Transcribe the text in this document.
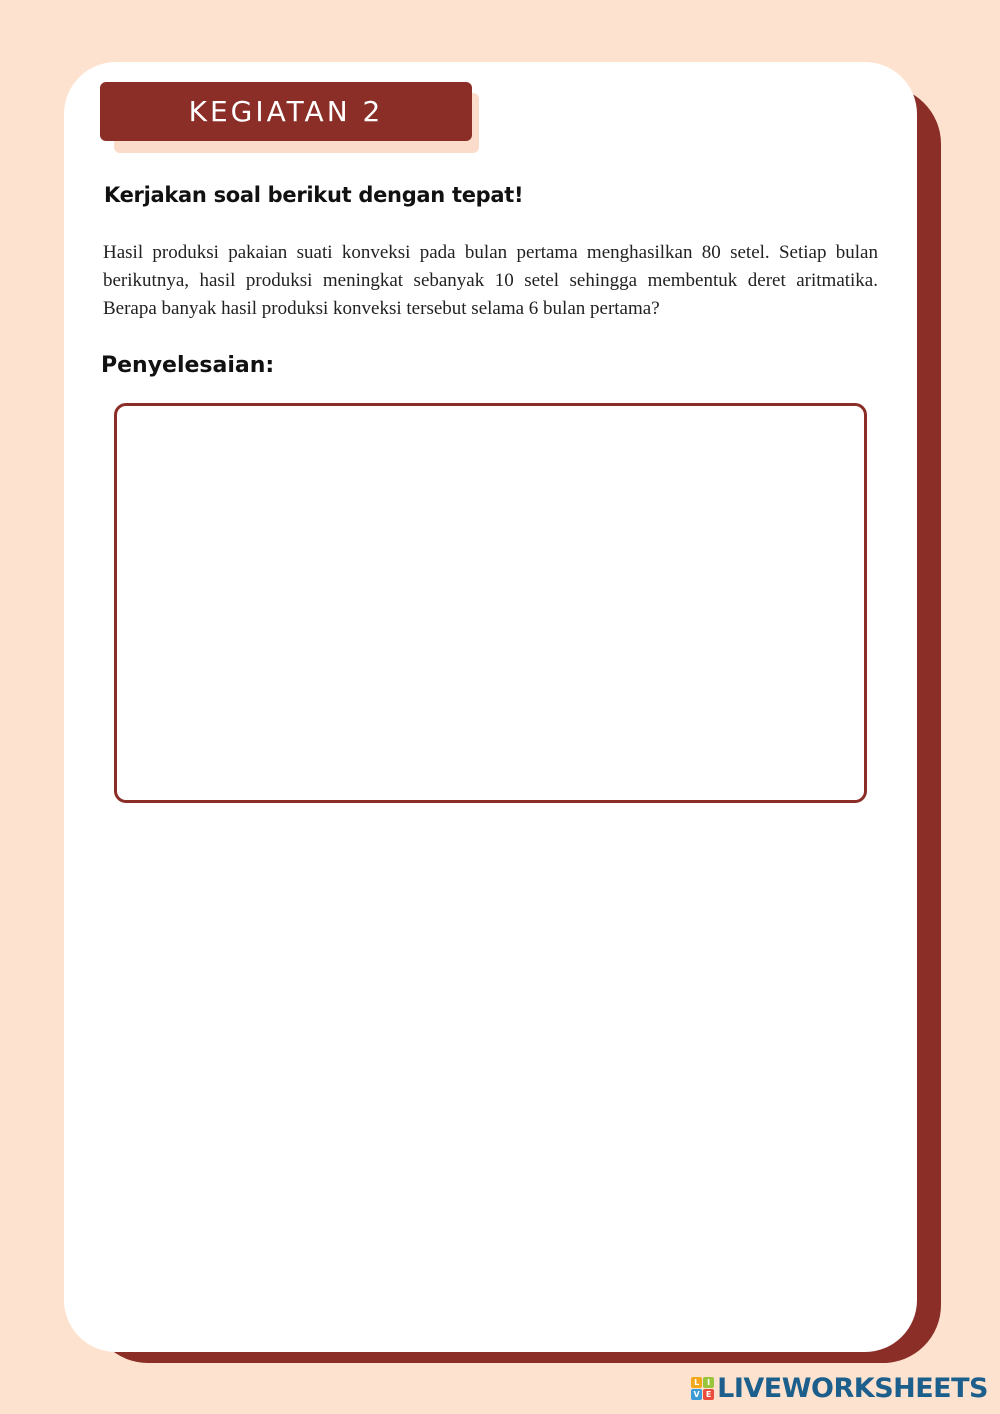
KEGIATAN 2
Kerjakan soal berikut dengan tepat!

Hasil produksi pakaian suati konveksi pada bulan pertama menghasilkan 80 setel. Setiap bulan berikutnya, hasil produksi meningkat sebanyak 10 setel sehingga membentuk deret aritmatika. Berapa banyak hasil produksi konveksi tersebut selama 6 bulan pertama?

Penyelesaian:
L I
V E LIVEWORKSHEETS
